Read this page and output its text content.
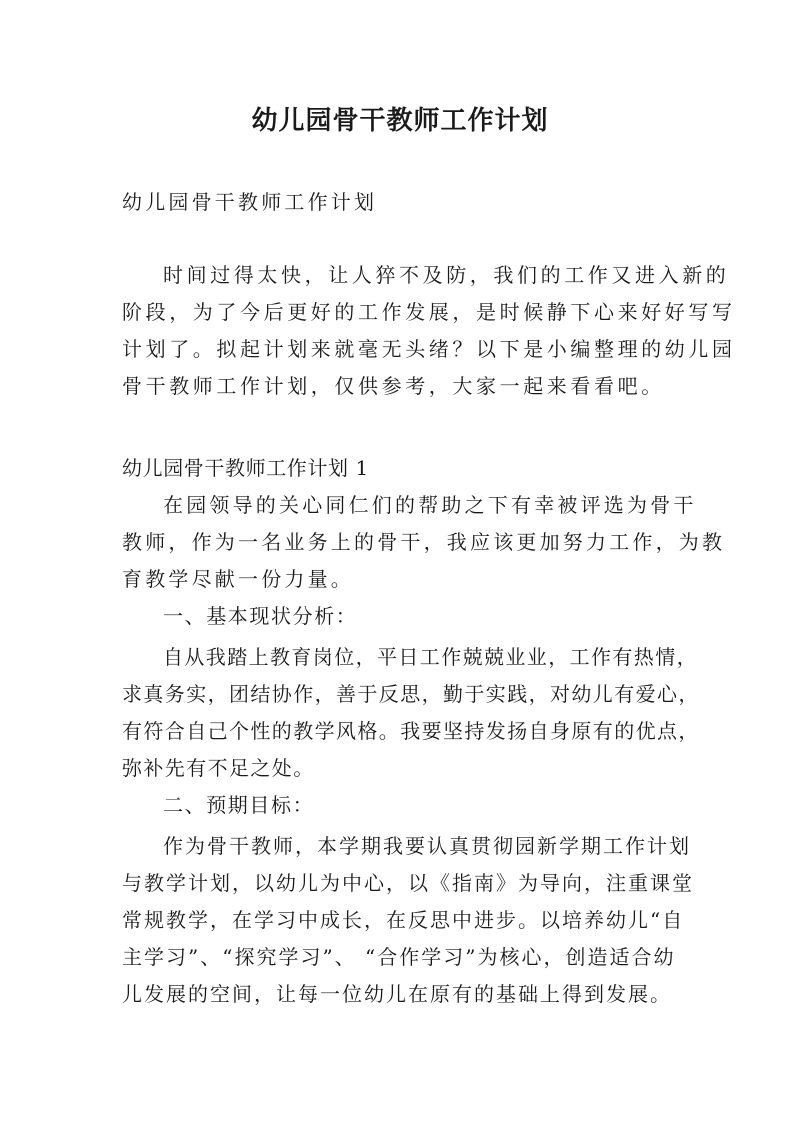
幼儿园骨干教师工作计划
幼儿园骨干教师工作计划
时间过得太快，让人猝不及防，我们的工作又进入新的
阶段，为了今后更好的工作发展，是时候静下心来好好写写
计划了。拟起计划来就毫无头绪？以下是小编整理的幼儿园
骨干教师工作计划，仅供参考，大家一起来看看吧。
幼儿园骨干教师工作计划 1
在园领导的关心同仁们的帮助之下有幸被评选为骨干
教师，作为一名业务上的骨干，我应该更加努力工作，为教
育教学尽献一份力量。
一、基本现状分析：
自从我踏上教育岗位，平日工作兢兢业业，工作有热情，
求真务实，团结协作，善于反思，勤于实践，对幼儿有爱心，
有符合自己个性的教学风格。我要坚持发扬自身原有的优点，
弥补先有不足之处。
二、预期目标：
作为骨干教师，本学期我要认真贯彻园新学期工作计划
与教学计划，以幼儿为中心，以《指南》为导向，注重课堂
常规教学，在学习中成长，在反思中进步。以培养幼儿“自
主学习”、“探究学习”、 “合作学习”为核心，创造适合幼
儿发展的空间，让每一位幼儿在原有的基础上得到发展。
